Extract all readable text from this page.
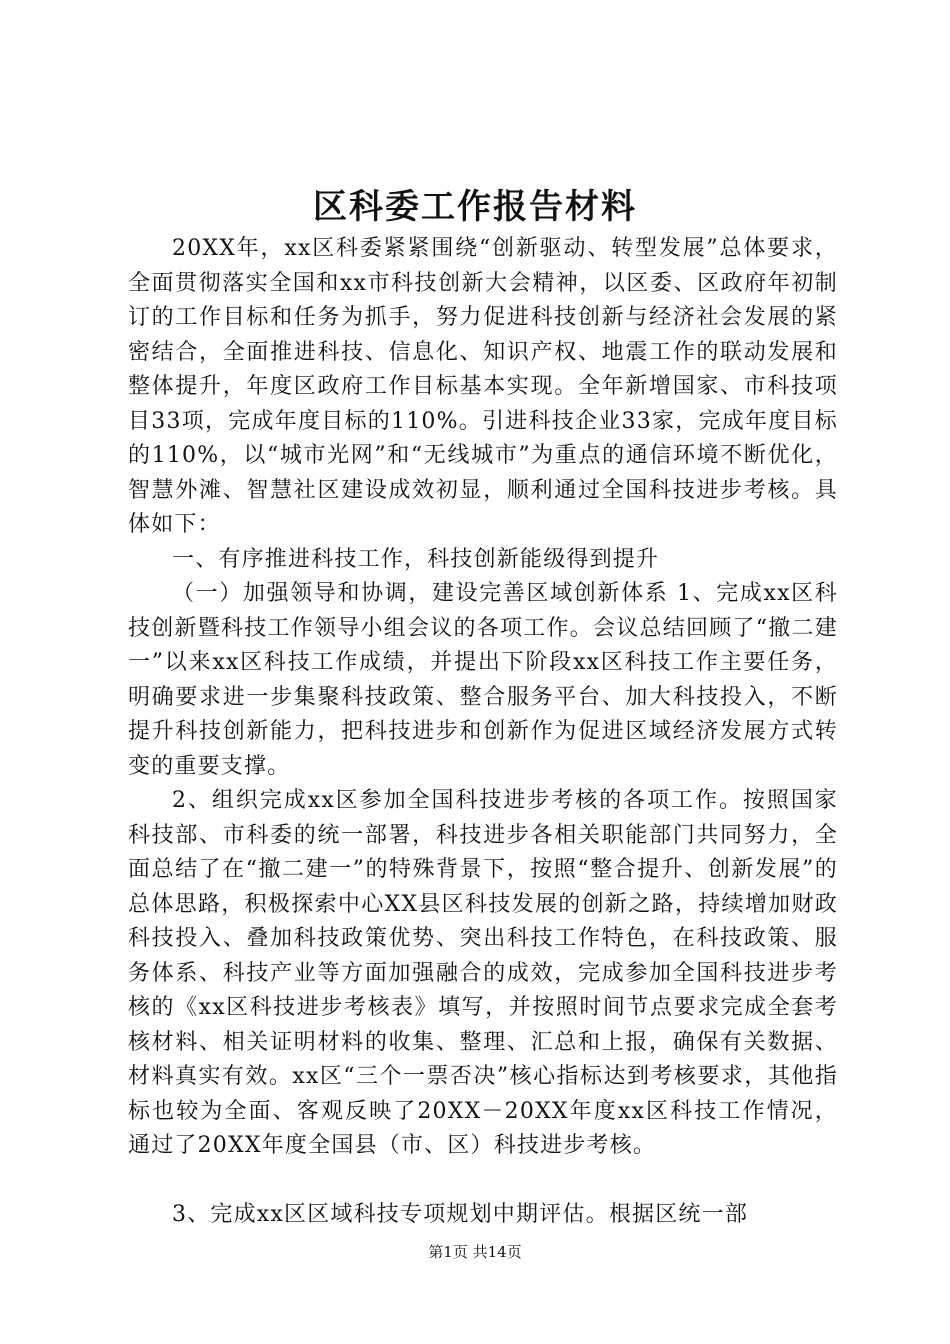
区科委工作报告材料

20XX年，xx区科委紧紧围绕“创新驱动、转型发展”总体要求，全面贯彻落实全国和xx市科技创新大会精神，以区委、区政府年初制订的工作目标和任务为抓手，努力促进科技创新与经济社会发展的紧密结合，全面推进科技、信息化、知识产权、地震工作的联动发展和整体提升，年度区政府工作目标基本实现。全年新增国家、市科技项目33项，完成年度目标的110%。引进科技企业33家，完成年度目标的110%，以“城市光网”和“无线城市”为重点的通信环境不断优化，智慧外滩、智慧社区建设成效初显，顺利通过全国科技进步考核。具体如下：

一、有序推进科技工作，科技创新能级得到提升

（一）加强领导和协调，建设完善区域创新体系 1、完成xx区科技创新暨科技工作领导小组会议的各项工作。会议总结回顾了“撤二建一”以来xx区科技工作成绩，并提出下阶段xx区科技工作主要任务，明确要求进一步集聚科技政策、整合服务平台、加大科技投入，不断提升科技创新能力，把科技进步和创新作为促进区域经济发展方式转变的重要支撑。

2、组织完成xx区参加全国科技进步考核的各项工作。按照国家科技部、市科委的统一部署，科技进步各相关职能部门共同努力，全面总结了在“撤二建一”的特殊背景下，按照“整合提升、创新发展”的总体思路，积极探索中心XX县区科技发展的创新之路，持续增加财政科技投入、叠加科技政策优势、突出科技工作特色，在科技政策、服务体系、科技产业等方面加强融合的成效，完成参加全国科技进步考核的《xx区科技进步考核表》填写，并按照时间节点要求完成全套考核材料、相关证明材料的收集、整理、汇总和上报，确保有关数据、材料真实有效。xx区“三个一票否决”核心指标达到考核要求，其他指标也较为全面、客观反映了20XX－20XX年度xx区科技工作情况，通过了20XX年度全国县（市、区）科技进步考核。

3、完成xx区区域科技专项规划中期评估。根据区统一部

第1页 共14页
